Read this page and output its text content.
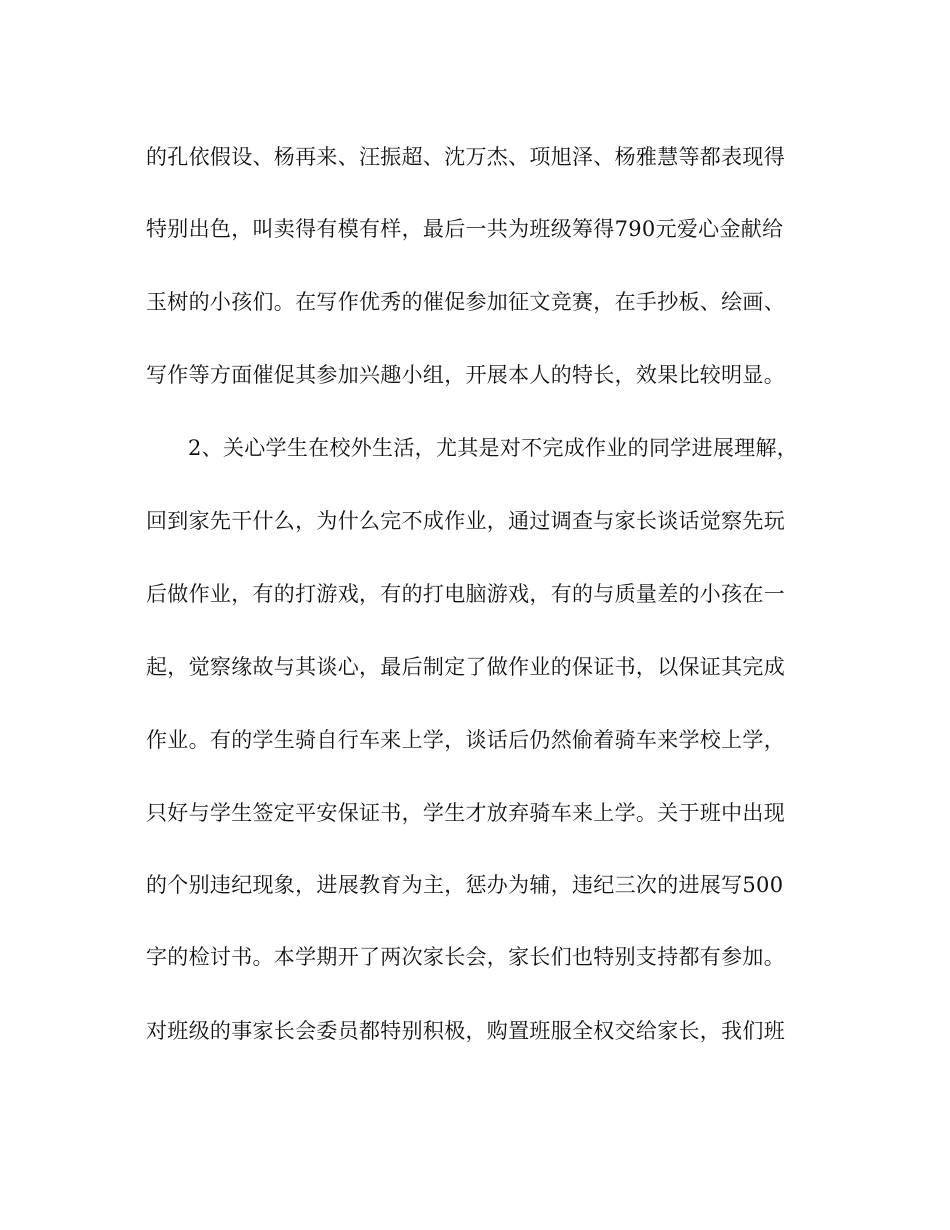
的孔依假设、杨再来、汪振超、沈万杰、项旭泽、杨雅慧等都表现得

特别出色，叫卖得有模有样，最后一共为班级筹得790元爱心金献给

玉树的小孩们。在写作优秀的催促参加征文竞赛，在手抄板、绘画、

写作等方面催促其参加兴趣小组，开展本人的特长，效果比较明显。

2、关心学生在校外生活，尤其是对不完成作业的同学进展理解，

回到家先干什么，为什么完不成作业，通过调查与家长谈话觉察先玩

后做作业，有的打游戏，有的打电脑游戏，有的与质量差的小孩在一

起，觉察缘故与其谈心，最后制定了做作业的保证书，以保证其完成

作业。有的学生骑自行车来上学，谈话后仍然偷着骑车来学校上学，

只好与学生签定平安保证书，学生才放弃骑车来上学。关于班中出现

的个别违纪现象，进展教育为主，惩办为辅，违纪三次的进展写500

字的检讨书。本学期开了两次家长会，家长们也特别支持都有参加。

对班级的事家长会委员都特别积极，购置班服全权交给家长，我们班
